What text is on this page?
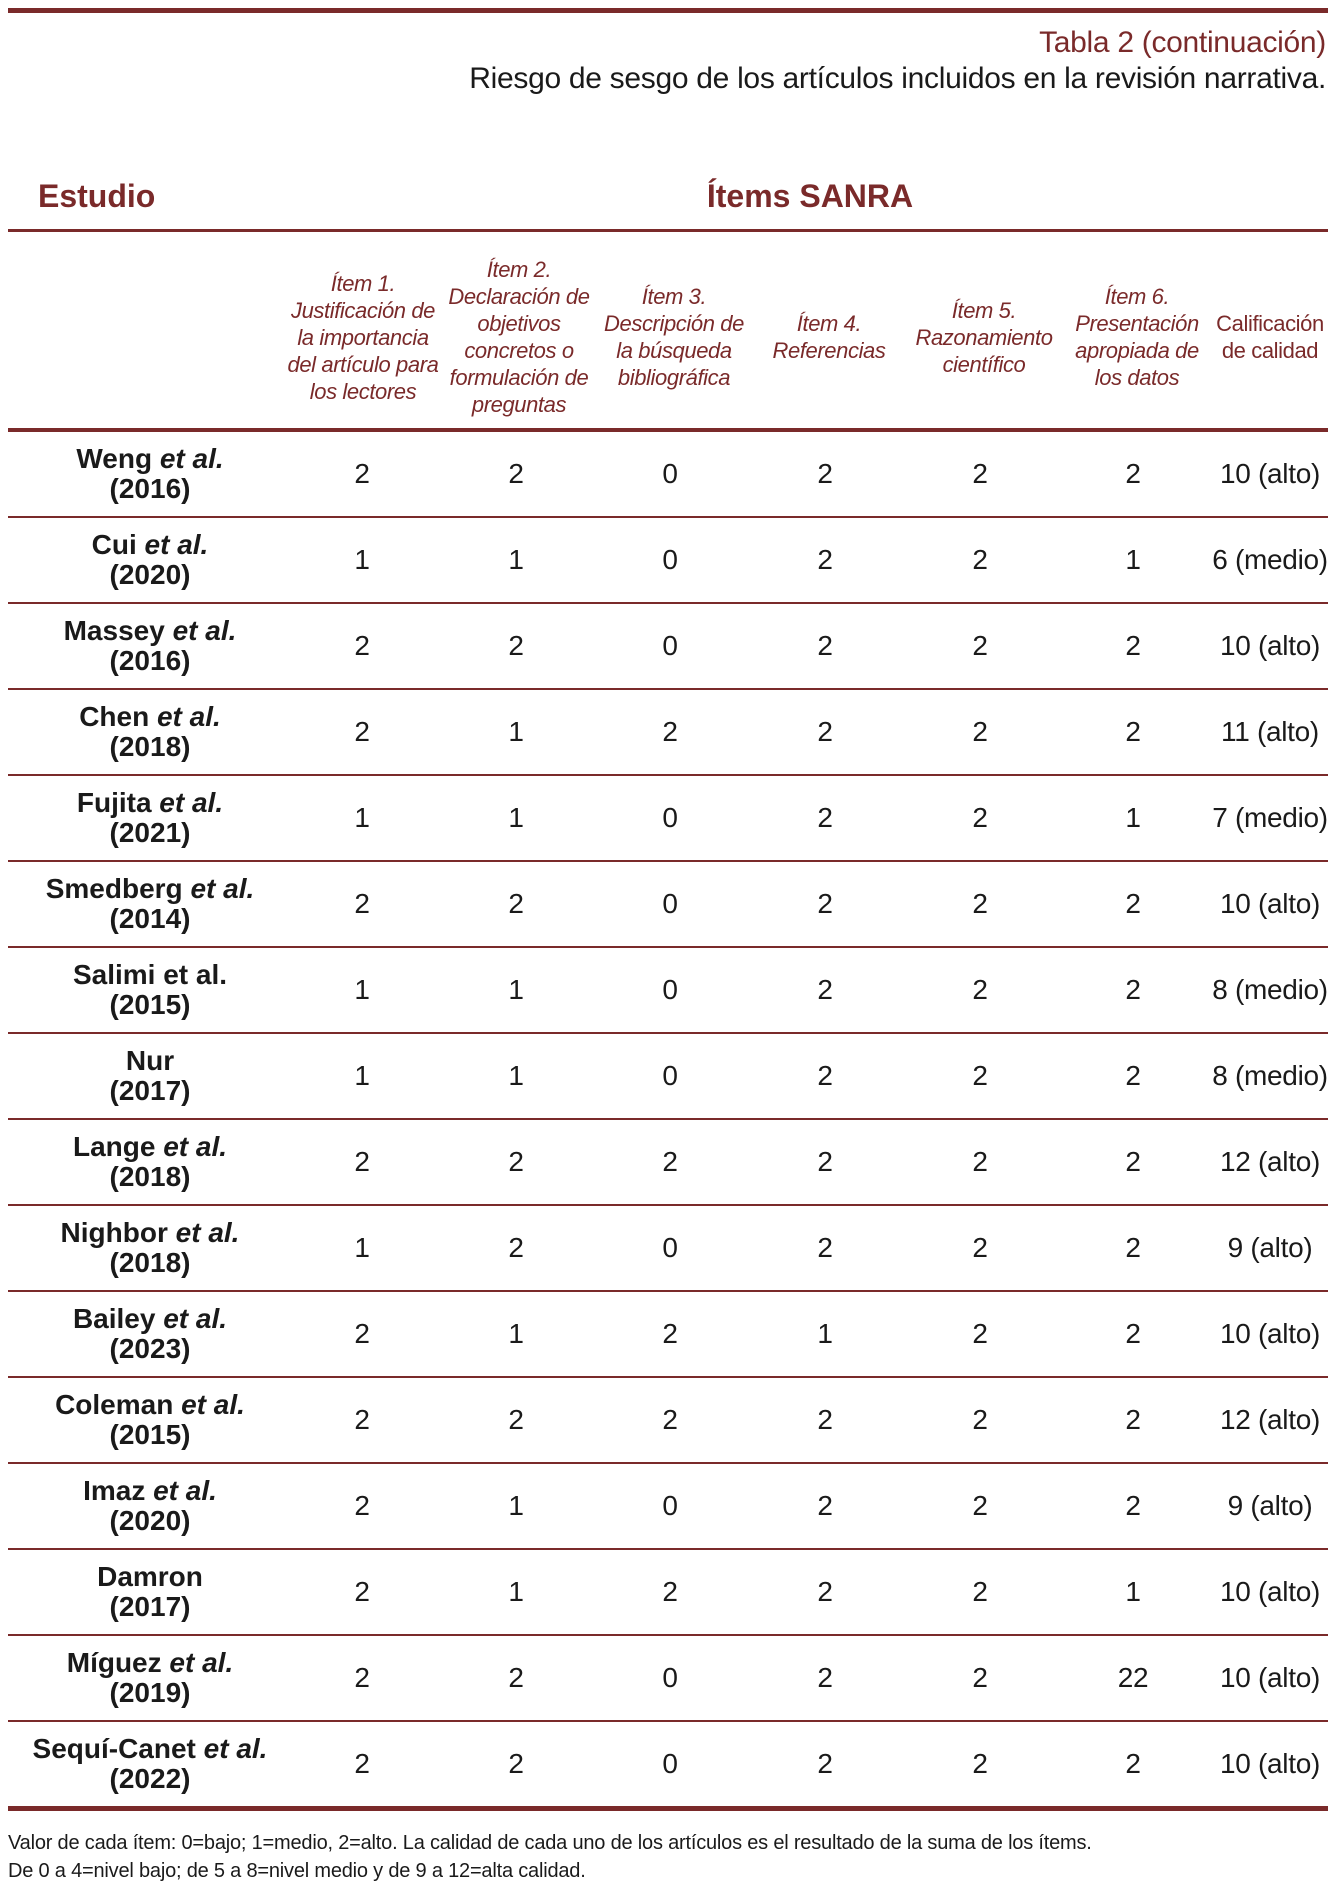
Tabla 2 (continuación)
Riesgo de sesgo de los artículos incluidos en la revisión narrativa.
Estudio	Ítems SANRA
Ítem 1. Justificación de la importancia del artículo para los lectores
Ítem 2. Declaración de objetivos concretos o formulación de preguntas
Ítem 3. Descripción de la búsqueda bibliográfica
Ítem 4. Referencias
Ítem 5. Razonamiento científico
Ítem 6. Presentación apropiada de los datos
Calificación de calidad
Weng et al.
(2016)	2	2	0	2	2	2	10 (alto)
Cui et al.
(2020)	1	1	0	2	2	1	6 (medio)
Massey et al.
(2016)	2	2	0	2	2	2	10 (alto)
Chen et al.
(2018)	2	1	2	2	2	2	11 (alto)
Fujita et al.
(2021)	1	1	0	2	2	1	7 (medio)
Smedberg et al.
(2014)	2	2	0	2	2	2	10 (alto)
Salimi et al.
(2015)	1	1	0	2	2	2	8 (medio)
Nur
(2017)	1	1	0	2	2	2	8 (medio)
Lange et al.
(2018)	2	2	2	2	2	2	12 (alto)
Nighbor et al.
(2018)	1	2	0	2	2	2	9 (alto)
Bailey et al.
(2023)	2	1	2	1	2	2	10 (alto)
Coleman et al.
(2015)	2	2	2	2	2	2	12 (alto)
Imaz et al.
(2020)	2	1	0	2	2	2	9 (alto)
Damron
(2017)	2	1	2	2	2	1	10 (alto)
Míguez et al.
(2019)	2	2	0	2	2	22	10 (alto)
Sequí-Canet et al.
(2022)	2	2	0	2	2	2	10 (alto)
Valor de cada ítem: 0=bajo; 1=medio, 2=alto. La calidad de cada uno de los artículos es el resultado de la suma de los ítems.
De 0 a 4=nivel bajo; de 5 a 8=nivel medio y de 9 a 12=alta calidad.
